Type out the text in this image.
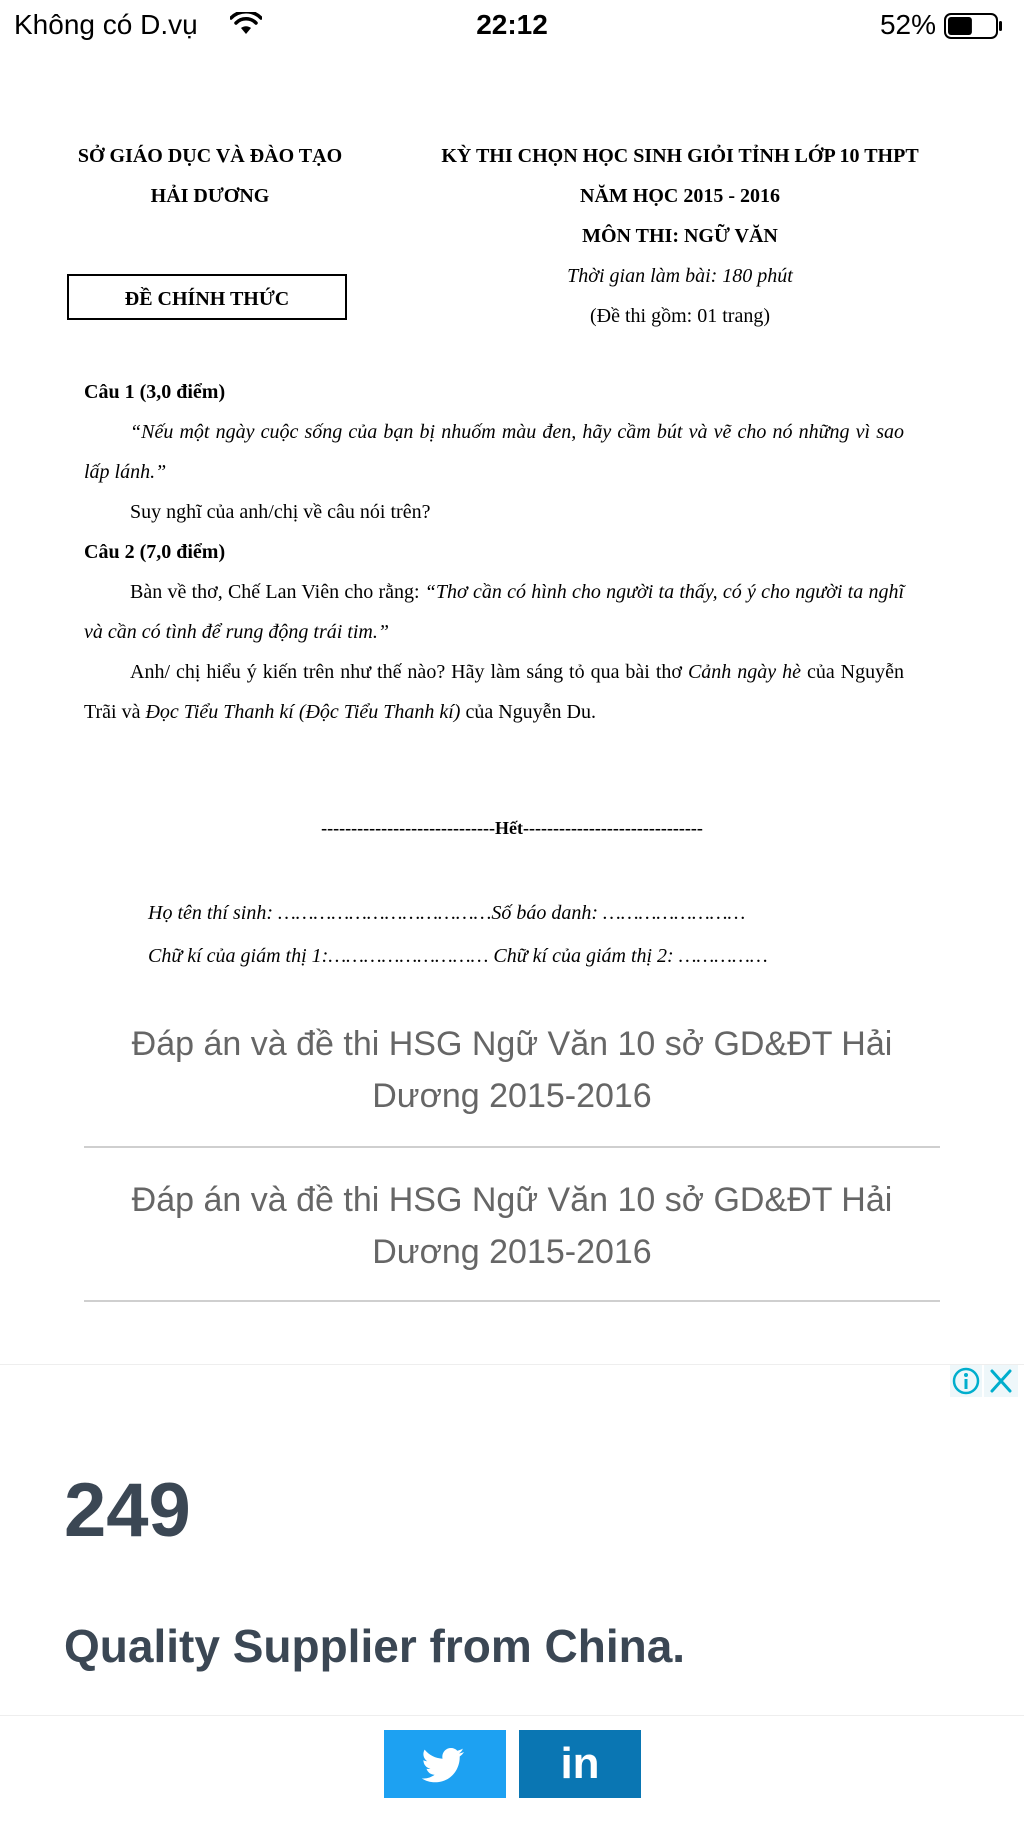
Không có D.vụ	22:12	52%
SỞ GIÁO DỤC VÀ ĐÀO TẠO
HẢI DƯƠNG
KỲ THI CHỌN HỌC SINH GIỎI TỈNH LỚP 10 THPT
NĂM HỌC 2015 - 2016
MÔN THI: NGỮ VĂN
Thời gian làm bài: 180 phút
(Đề thi gồm: 01 trang)
ĐỀ CHÍNH THỨC
Câu 1 (3,0 điểm)
“Nếu một ngày cuộc sống của bạn bị nhuốm màu đen, hãy cầm bút và vẽ cho nó những vì sao lấp lánh.”
Suy nghĩ của anh/chị về câu nói trên?
Câu 2 (7,0 điểm)
Bàn về thơ, Chế Lan Viên cho rằng: “Thơ cần có hình cho người ta thấy, có ý cho người ta nghĩ và cần có tình để rung động trái tim.”
Anh/ chị hiểu ý kiến trên như thế nào? Hãy làm sáng tỏ qua bài thơ Cảnh ngày hè của Nguyễn Trãi và Đọc Tiểu Thanh kí (Độc Tiểu Thanh kí) của Nguyễn Du.
-----------------------------Hết------------------------------
Họ tên thí sinh: ………………………………Số báo danh: ……………………
Chữ kí của giám thị 1:……………………… Chữ kí của giám thị 2: ……………
Đáp án và đề thi HSG Ngữ Văn 10 sở GD&ĐT Hải Dương 2015-2016
Đáp án và đề thi HSG Ngữ Văn 10 sở GD&ĐT Hải Dương 2015-2016
249
Quality Supplier from China.
in
